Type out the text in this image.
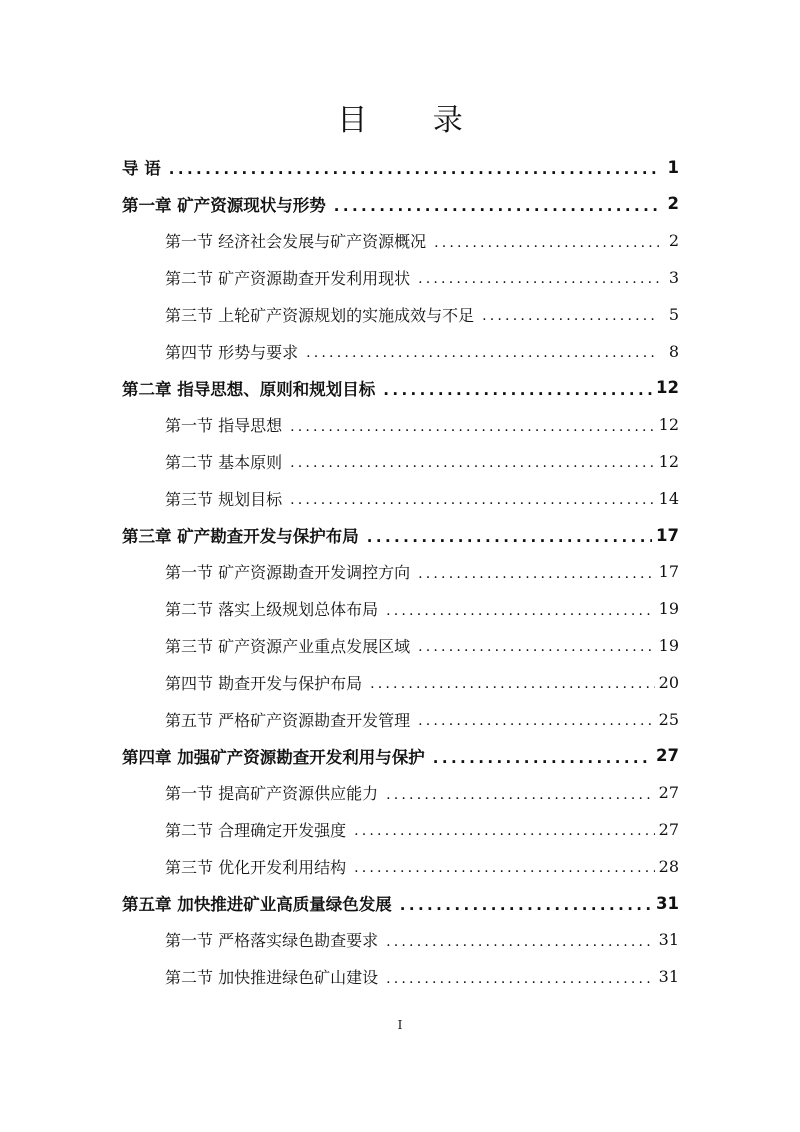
目 录
导 语 .....	1
第一章 矿产资源现状与形势 .....	2
第一节 经济社会发展与矿产资源概况 .....	2
第二节 矿产资源勘查开发利用现状 .....	3
第三节 上轮矿产资源规划的实施成效与不足 .....	5
第四节 形势与要求 .....	8
第二章 指导思想、原则和规划目标 .....	12
第一节 指导思想 .....	12
第二节 基本原则 .....	12
第三节 规划目标 .....	14
第三章 矿产勘查开发与保护布局 .....	17
第一节 矿产资源勘查开发调控方向 .....	17
第二节 落实上级规划总体布局 .....	19
第三节 矿产资源产业重点发展区域 .....	19
第四节 勘查开发与保护布局 .....	20
第五节 严格矿产资源勘查开发管理 .....	25
第四章 加强矿产资源勘查开发利用与保护 .....	27
第一节 提高矿产资源供应能力 .....	27
第二节 合理确定开发强度 .....	27
第三节 优化开发利用结构 .....	28
第五章 加快推进矿业高质量绿色发展 .....	31
第一节 严格落实绿色勘查要求 .....	31
第二节 加快推进绿色矿山建设 .....	31
I
